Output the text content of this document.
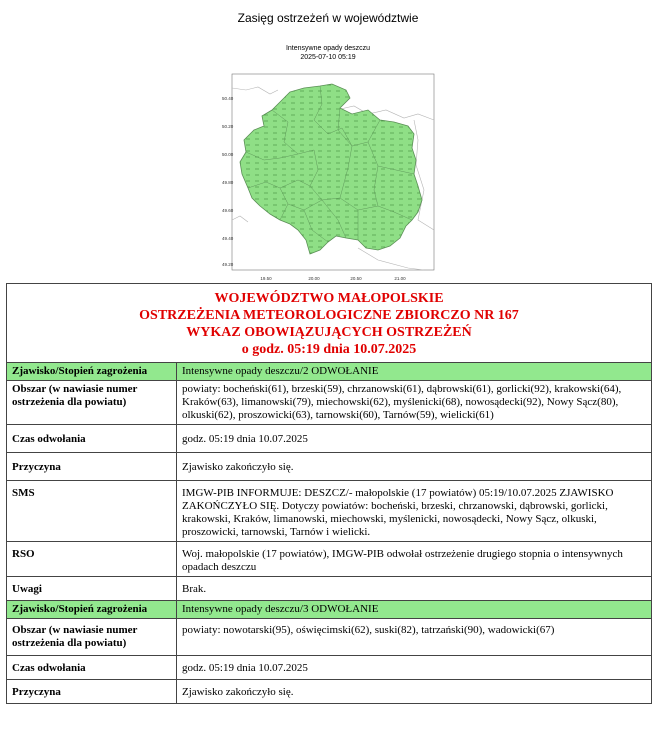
Zasięg ostrzeżeń w województwie
Intensywne opady deszczu
2025-07-10 05:19
50.40
50.20
50.00
49.80
49.60
49.40
49.20
19.50	20.00	20.50	21.00
WOJEWÓDZTWO MAŁOPOLSKIE
OSTRZEŻENIA METEOROLOGICZNE ZBIORCZO NR 167
WYKAZ OBOWIĄZUJĄCYCH OSTRZEŻEŃ
o godz. 05:19 dnia 10.07.2025	

Zjawisko/Stopień zagrożenia	Intensywne opady deszczu/2 ODWOŁANIE
Obszar (w nawiasie numer ostrzeżenia dla powiatu)	powiaty: bocheński(61), brzeski(59), chrzanowski(61), dąbrowski(61), gorlicki(92), krakowski(64), Kraków(63), limanowski(79), miechowski(62), myślenicki(68), nowosądecki(92), Nowy Sącz(80), olkuski(62), proszowicki(63), tarnowski(60), Tarnów(59), wielicki(61)
Czas odwołania	godz. 05:19 dnia 10.07.2025
Przyczyna	Zjawisko zakończyło się.
SMS	IMGW-PIB INFORMUJE: DESZCZ/- małopolskie (17 powiatów) 05:19/10.07.2025 ZJAWISKO ZAKOŃCZYŁO SIĘ. Dotyczy powiatów: bocheński, brzeski, chrzanowski, dąbrowski, gorlicki, krakowski, Kraków, limanowski, miechowski, myślenicki, nowosądecki, Nowy Sącz, olkuski, proszowicki, tarnowski, Tarnów i wielicki.
RSO	Woj. małopolskie (17 powiatów), IMGW-PIB odwołał ostrzeżenie drugiego stopnia o intensywnych opadach deszczu
Uwagi	Brak.
Zjawisko/Stopień zagrożenia	Intensywne opady deszczu/3 ODWOŁANIE
Obszar (w nawiasie numer ostrzeżenia dla powiatu)	powiaty: nowotarski(95), oświęcimski(62), suski(82), tatrzański(90), wadowicki(67)
Czas odwołania	godz. 05:19 dnia 10.07.2025
Przyczyna	Zjawisko zakończyło się.
